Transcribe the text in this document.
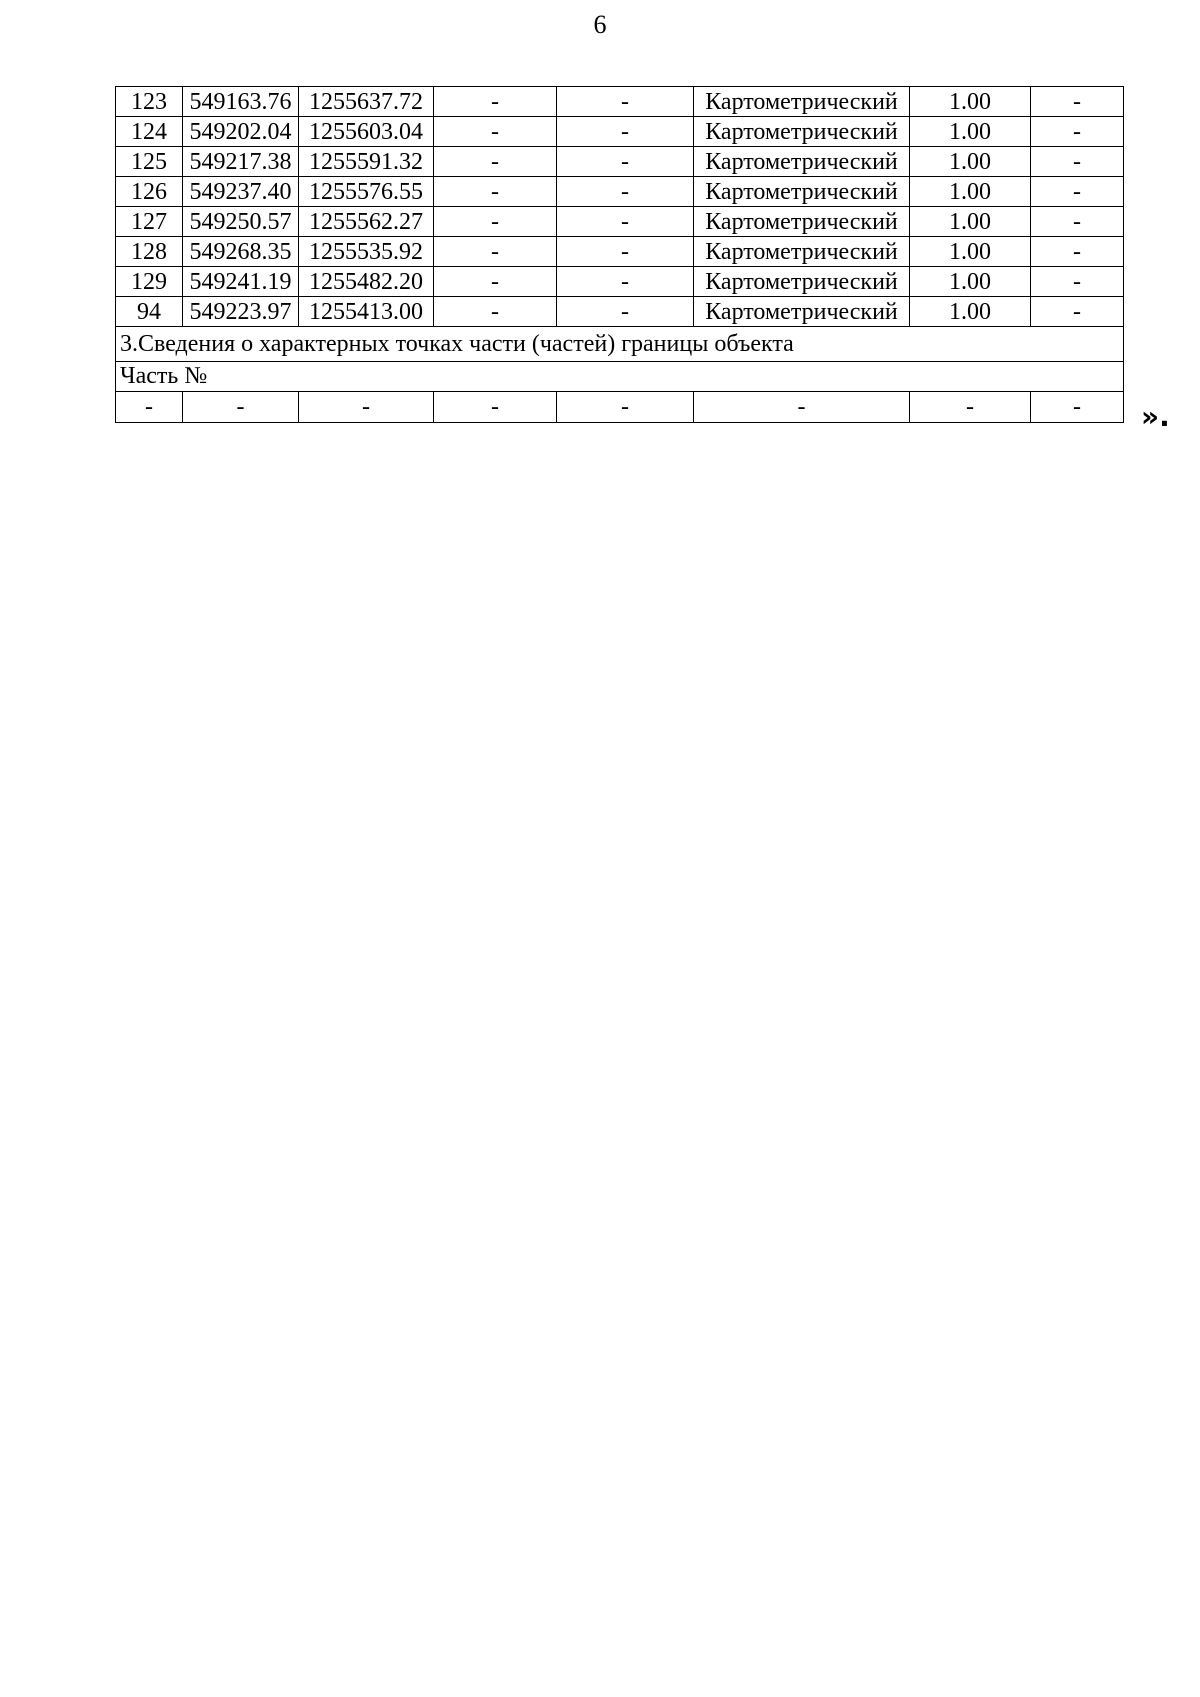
6
123	549163.76	1255637.72	-	-	Картометрический	1.00	-
124	549202.04	1255603.04	-	-	Картометрический	1.00	-
125	549217.38	1255591.32	-	-	Картометрический	1.00	-
126	549237.40	1255576.55	-	-	Картометрический	1.00	-
127	549250.57	1255562.27	-	-	Картометрический	1.00	-
128	549268.35	1255535.92	-	-	Картометрический	1.00	-
129	549241.19	1255482.20	-	-	Картометрический	1.00	-
94	549223.97	1255413.00	-	-	Картометрический	1.00	-
3.Сведения о характерных точках части (частей) границы объекта							
Часть №							
-	-	-	-	-	-	-	- ».
